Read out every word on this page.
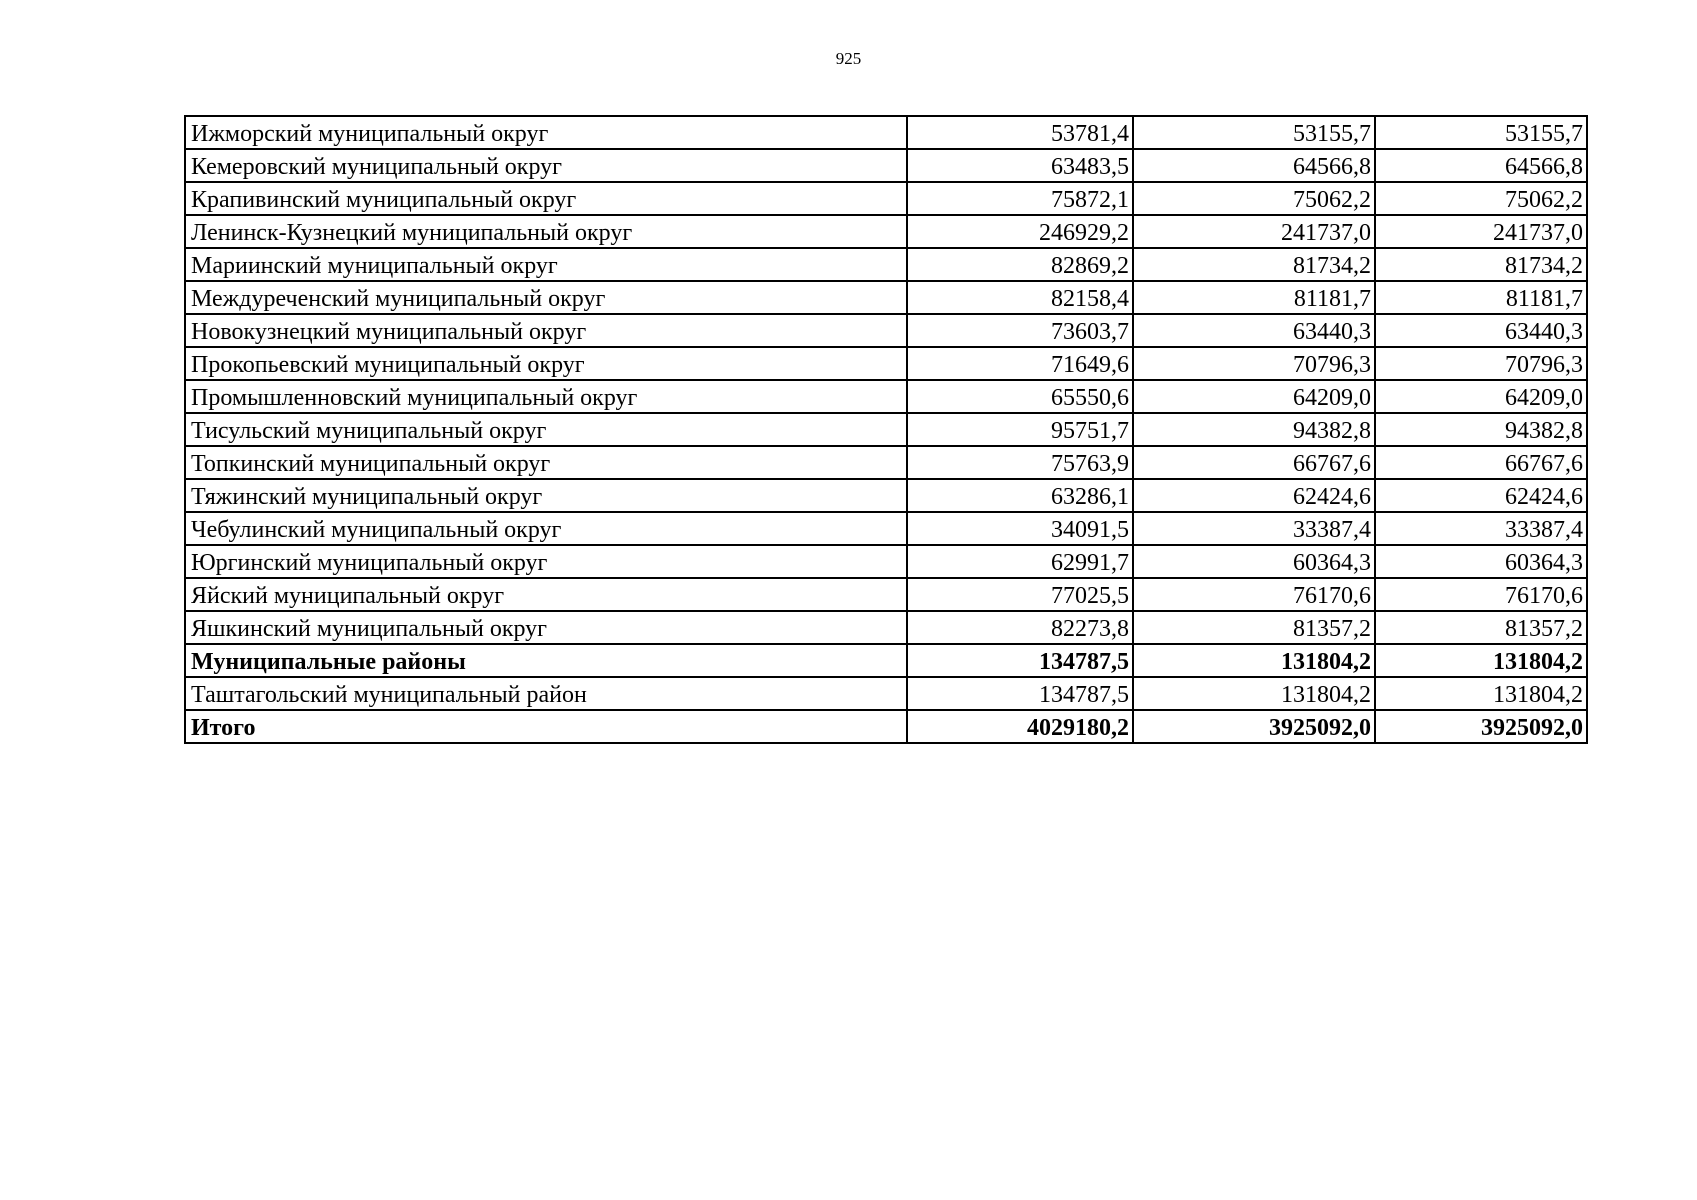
925
Ижморский муниципальный округ	53781,4	53155,7	53155,7
Кемеровский муниципальный округ	63483,5	64566,8	64566,8
Крапивинский муниципальный округ	75872,1	75062,2	75062,2
Ленинск-Кузнецкий муниципальный округ	246929,2	241737,0	241737,0
Мариинский муниципальный округ	82869,2	81734,2	81734,2
Междуреченский муниципальный округ	82158,4	81181,7	81181,7
Новокузнецкий муниципальный округ	73603,7	63440,3	63440,3
Прокопьевский муниципальный округ	71649,6	70796,3	70796,3
Промышленновский муниципальный округ	65550,6	64209,0	64209,0
Тисульский муниципальный округ	95751,7	94382,8	94382,8
Топкинский муниципальный округ	75763,9	66767,6	66767,6
Тяжинский муниципальный округ	63286,1	62424,6	62424,6
Чебулинский муниципальный округ	34091,5	33387,4	33387,4
Юргинский муниципальный округ	62991,7	60364,3	60364,3
Яйский муниципальный округ	77025,5	76170,6	76170,6
Яшкинский муниципальный округ	82273,8	81357,2	81357,2
Муниципальные районы	134787,5	131804,2	131804,2
Таштагольский муниципальный район	134787,5	131804,2	131804,2
Итого	4029180,2	3925092,0	3925092,0
